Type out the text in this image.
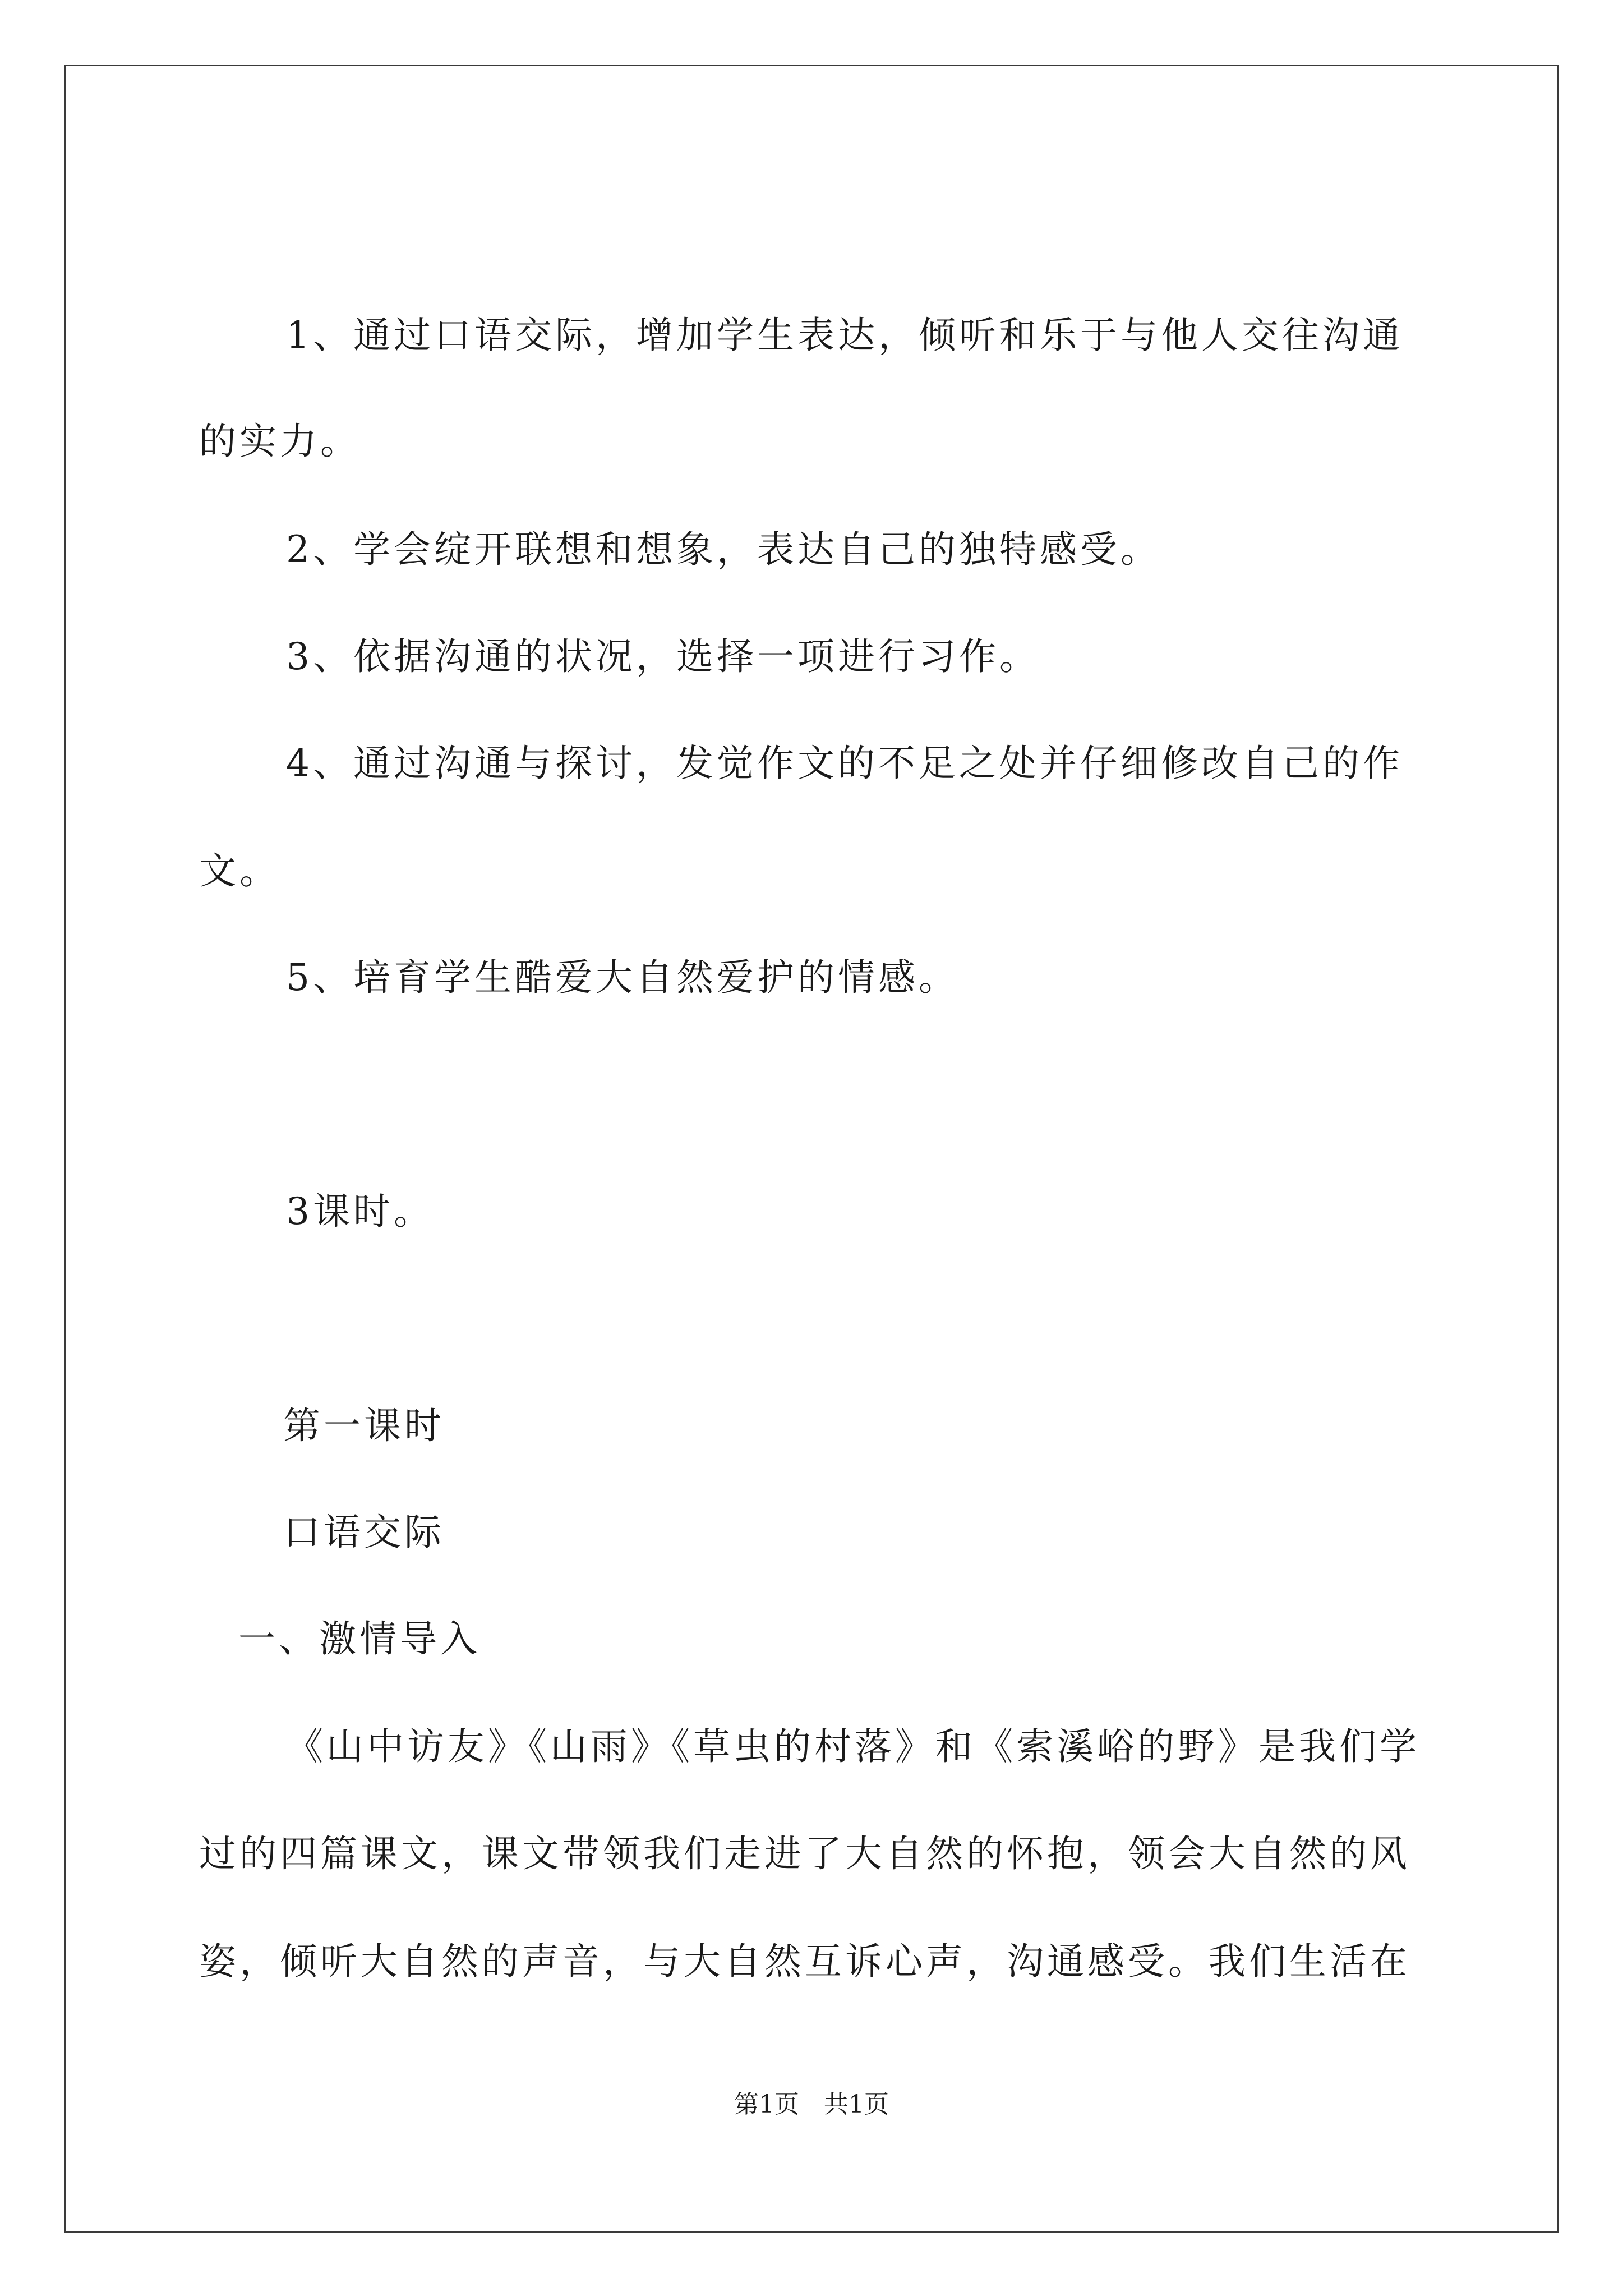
1、通过口语交际，增加学生表达，倾听和乐于与他人交往沟通
的实力。
2、学会绽开联想和想象，表达自己的独特感受。
3、依据沟通的状况，选择一项进行习作。
4、通过沟通与探讨，发觉作文的不足之处并仔细修改自己的作
文。
5、培育学生酷爱大自然爱护的情感。
3课时。
第一课时
口语交际
一、激情导入
《山中访友》《山雨》《草虫的村落》和《索溪峪的野》是我们学
过的四篇课文，课文带领我们走进了大自然的怀抱，领会大自然的风
姿，倾听大自然的声音，与大自然互诉心声，沟通感受。我们生活在
第1页　共1页
